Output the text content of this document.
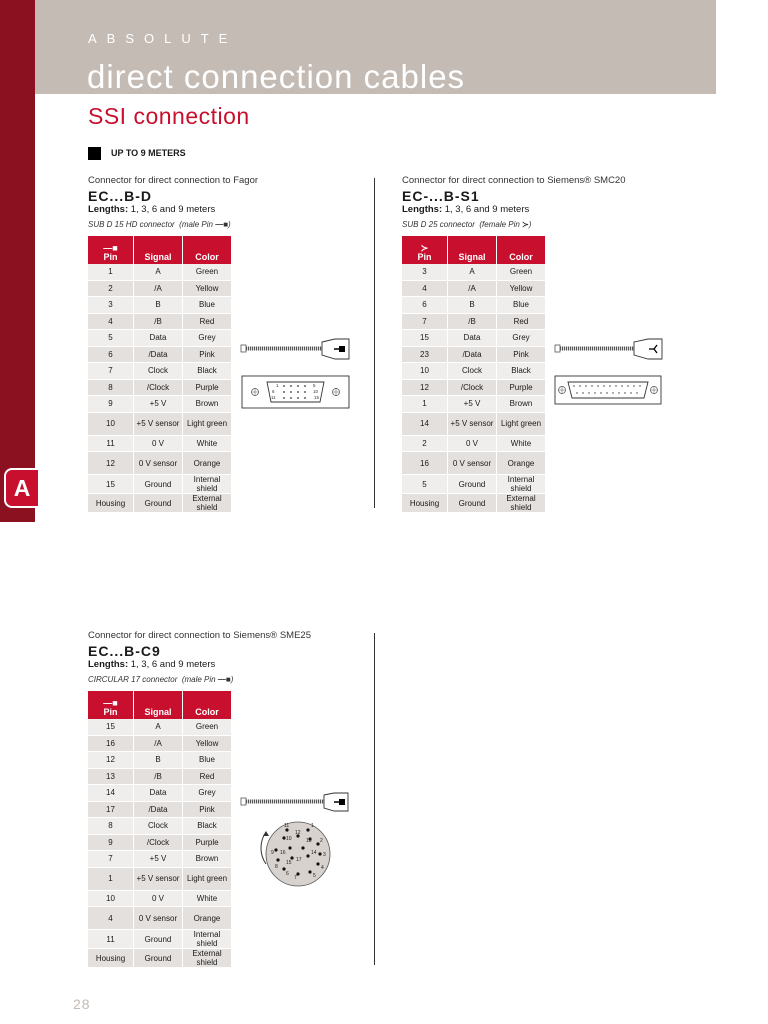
ABSOLUTE
direct connection cables
A
SSI connection
UP TO 9 METERS
Connector for direct connection to Fagor
EC...B-D
Lengths: 1, 3, 6 and 9 meters
SUB D 15 HD connector (male Pin —■)
—■
Pin	Signal	Color
1	A	Green
2	/A	Yellow
3	B	Blue
4	/B	Red
5	Data	Grey
6	/Data	Pink
7	Clock	Black
8	/Clock	Purple
9	+5 V	Brown
10	+5 V sensor	Light green
11	0 V	White
12	0 V sensor	Orange
15	Ground	Internal shield
Housing	Ground	External shield
Connector for direct connection to Siemens® SMC20
EC-...B-S1
Lengths: 1, 3, 6 and 9 meters
SUB D 25 connector (female Pin ≻)
≻
Pin	Signal	Color
3	A	Green
4	/A	Yellow
6	B	Blue
7	/B	Red
15	Data	Grey
23	/Data	Pink
10	Clock	Black
12	/Clock	Purple
1	+5 V	Brown
14	+5 V sensor	Light green
2	0 V	White
16	0 V sensor	Orange
5	Ground	Internal shield
Housing	Ground	External shield
Connector for direct connection to Siemens® SME25
EC...B-C9
Lengths: 1, 3, 6 and 9 meters
CIRCULAR 17 connector (male Pin —■)
—■
Pin	Signal	Color
15	A	Green
16	/A	Yellow
12	B	Blue
13	/B	Red
14	Data	Grey
17	/Data	Pink
8	Clock	Black
9	/Clock	Purple
7	+5 V	Brown
1	+5 V sensor	Light green
10	0 V	White
4	0 V sensor	Orange
11	Ground	Internal shield
Housing	Ground	External shield
1	5
6	10
11	15
11	1
10
12
13 2
9 16	14 3
15 17
8
6
4
7	5
28
